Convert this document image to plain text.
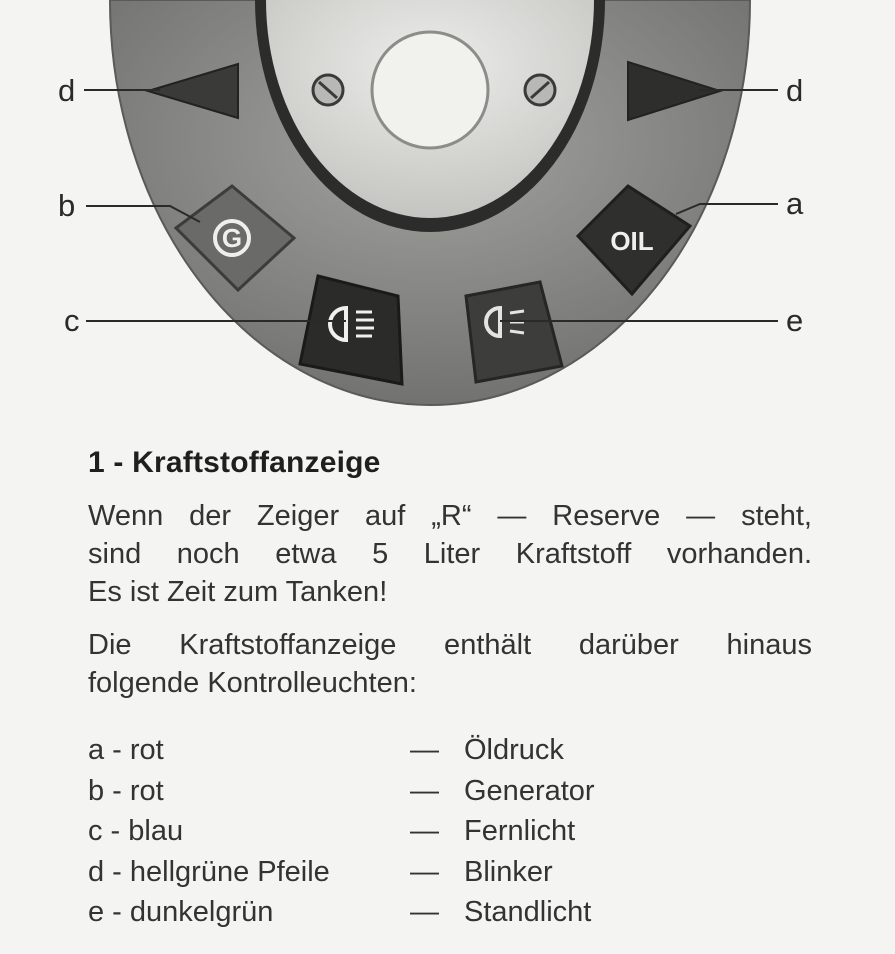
G	OIL
d	d
b	a
c	e
1 - Kraftstoffanzeige

Wenn der Zeiger auf „R“ — Reserve — steht,
sind noch etwa 5 Liter Kraftstoff vorhanden.
Es ist Zeit zum Tanken!

Die Kraftstoffanzeige enthält darüber hinaus
folgende Kontrolleuchten:

a - rot	— Öldruck
b - rot	— Generator
c - blau	— Fernlicht
d - hellgrüne Pfeile	— Blinker
e - dunkelgrün	— Standlicht
